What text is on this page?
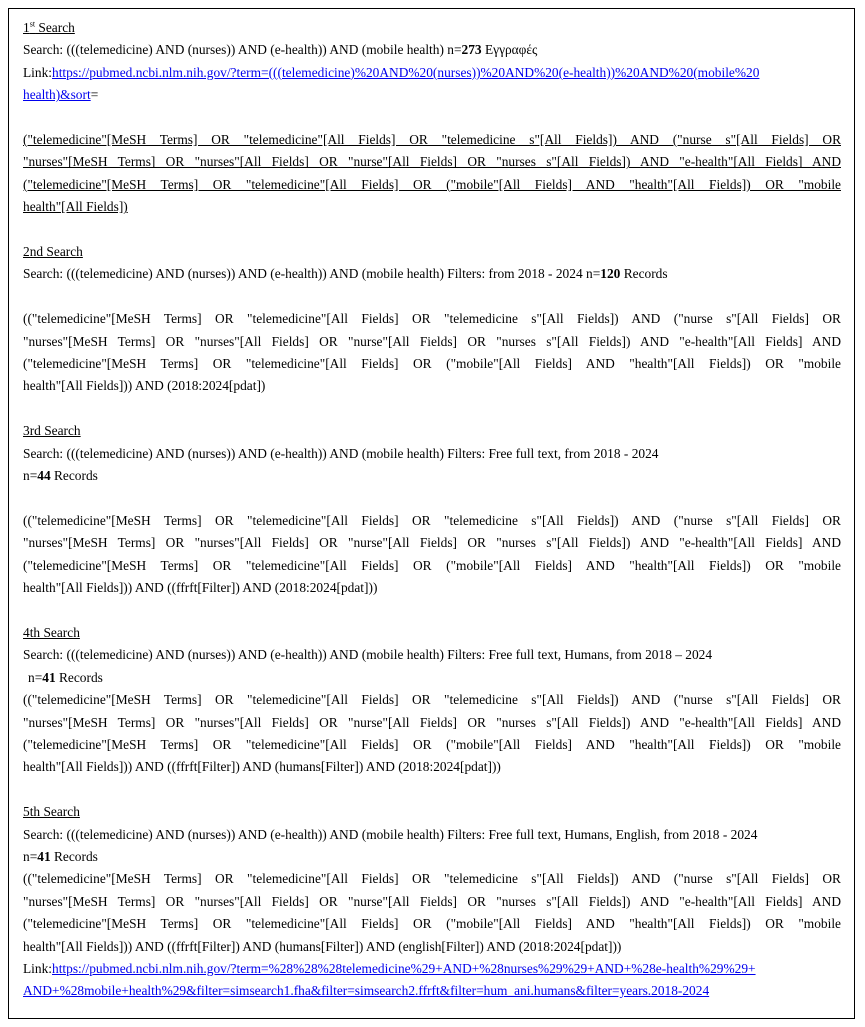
1st Search
Search: (((telemedicine) AND (nurses)) AND (e-health)) AND (mobile health) n=273 Εγγραφές
Link:https://pubmed.ncbi.nlm.nih.gov/?term=(((telemedicine)%20AND%20(nurses))%20AND%20(e-health))%20AND%20(mobile%20
health)&sort=

("telemedicine"[MeSH Terms] OR "telemedicine"[All Fields] OR "telemedicine s"[All Fields]) AND ("nurse s"[All Fields] OR

"nurses"[MeSH Terms] OR "nurses"[All Fields] OR "nurse"[All Fields] OR "nurses s"[All Fields]) AND "e-health"[All Fields] AND

("telemedicine"[MeSH Terms] OR "telemedicine"[All Fields] OR ("mobile"[All Fields] AND "health"[All Fields]) OR "mobile

health"[All Fields])

2nd Search
Search: (((telemedicine) AND (nurses)) AND (e-health)) AND (mobile health) Filters: from 2018 - 2024 n=120 Records

(("telemedicine"[MeSH Terms] OR "telemedicine"[All Fields] OR "telemedicine s"[All Fields]) AND ("nurse s"[All Fields] OR

"nurses"[MeSH Terms] OR "nurses"[All Fields] OR "nurse"[All Fields] OR "nurses s"[All Fields]) AND "e-health"[All Fields] AND

("telemedicine"[MeSH Terms] OR "telemedicine"[All Fields] OR ("mobile"[All Fields] AND "health"[All Fields]) OR "mobile

health"[All Fields])) AND (2018:2024[pdat])

3rd Search
Search: (((telemedicine) AND (nurses)) AND (e-health)) AND (mobile health) Filters: Free full text, from 2018 - 2024
n=44 Records

(("telemedicine"[MeSH Terms] OR "telemedicine"[All Fields] OR "telemedicine s"[All Fields]) AND ("nurse s"[All Fields] OR

"nurses"[MeSH Terms] OR "nurses"[All Fields] OR "nurse"[All Fields] OR "nurses s"[All Fields]) AND "e-health"[All Fields] AND

("telemedicine"[MeSH Terms] OR "telemedicine"[All Fields] OR ("mobile"[All Fields] AND "health"[All Fields]) OR "mobile

health"[All Fields])) AND ((ffrft[Filter]) AND (2018:2024[pdat]))

4th Search
Search: (((telemedicine) AND (nurses)) AND (e-health)) AND (mobile health) Filters: Free full text, Humans, from 2018 – 2024
n=41 Records

(("telemedicine"[MeSH Terms] OR "telemedicine"[All Fields] OR "telemedicine s"[All Fields]) AND ("nurse s"[All Fields] OR

"nurses"[MeSH Terms] OR "nurses"[All Fields] OR "nurse"[All Fields] OR "nurses s"[All Fields]) AND "e-health"[All Fields] AND

("telemedicine"[MeSH Terms] OR "telemedicine"[All Fields] OR ("mobile"[All Fields] AND "health"[All Fields]) OR "mobile

health"[All Fields])) AND ((ffrft[Filter]) AND (humans[Filter]) AND (2018:2024[pdat]))

5th Search
Search: (((telemedicine) AND (nurses)) AND (e-health)) AND (mobile health) Filters: Free full text, Humans, English, from 2018 - 2024
n=41 Records

(("telemedicine"[MeSH Terms] OR "telemedicine"[All Fields] OR "telemedicine s"[All Fields]) AND ("nurse s"[All Fields] OR

"nurses"[MeSH Terms] OR "nurses"[All Fields] OR "nurse"[All Fields] OR "nurses s"[All Fields]) AND "e-health"[All Fields] AND

("telemedicine"[MeSH Terms] OR "telemedicine"[All Fields] OR ("mobile"[All Fields] AND "health"[All Fields]) OR "mobile

health"[All Fields])) AND ((ffrft[Filter]) AND (humans[Filter]) AND (english[Filter]) AND (2018:2024[pdat]))

Link:https://pubmed.ncbi.nlm.nih.gov/?term=%28%28%28telemedicine%29+AND+%28nurses%29%29+AND+%28e-health%29%29+
AND+%28mobile+health%29&filter=simsearch1.fha&filter=simsearch2.ffrft&filter=hum_ani.humans&filter=years.2018-2024
